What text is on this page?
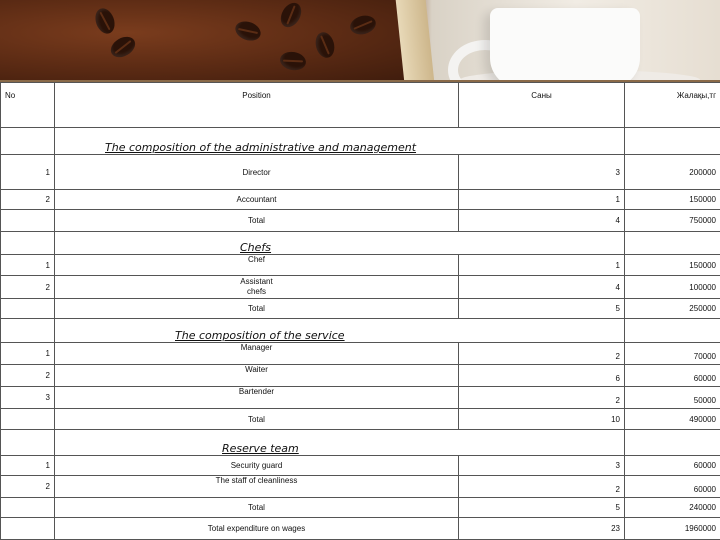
No	Position	Саны	Жалақы,тг
	The composition of the administrative and management		
1	Director	3	200000
2	Accountant	1	150000
	Total	4	750000
	Chefs		
1	Chef	1	150000
2	Assistant chefs	4	100000
	Total	5	250000
	The composition of the service		
1	Manager	2	70000
2	Waiter	6	60000
3	Bartender	2	50000
	Total	10	490000
	Reserve team		
1	Security guard	3	60000
2	The staff of cleanliness	2	60000
	Total	5	240000
	Total expenditure on wages	23	1960000
